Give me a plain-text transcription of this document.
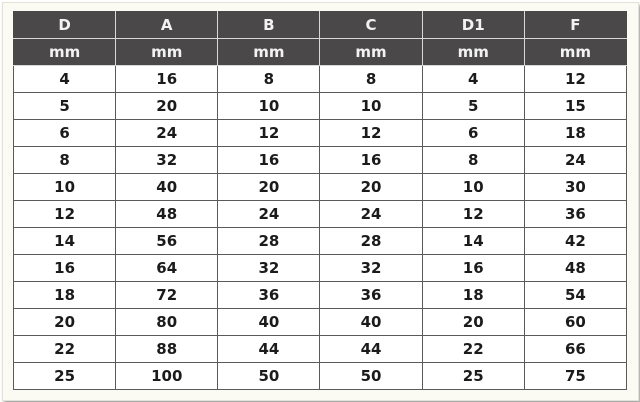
D	A	B	C	D1	F
mm	mm	mm	mm	mm	mm
4	16	8	8	4	12
5	20	10	10	5	15
6	24	12	12	6	18
8	32	16	16	8	24
10	40	20	20	10	30
12	48	24	24	12	36
14	56	28	28	14	42
16	64	32	32	16	48
18	72	36	36	18	54
20	80	40	40	20	60
22	88	44	44	22	66
25	100	50	50	25	75
